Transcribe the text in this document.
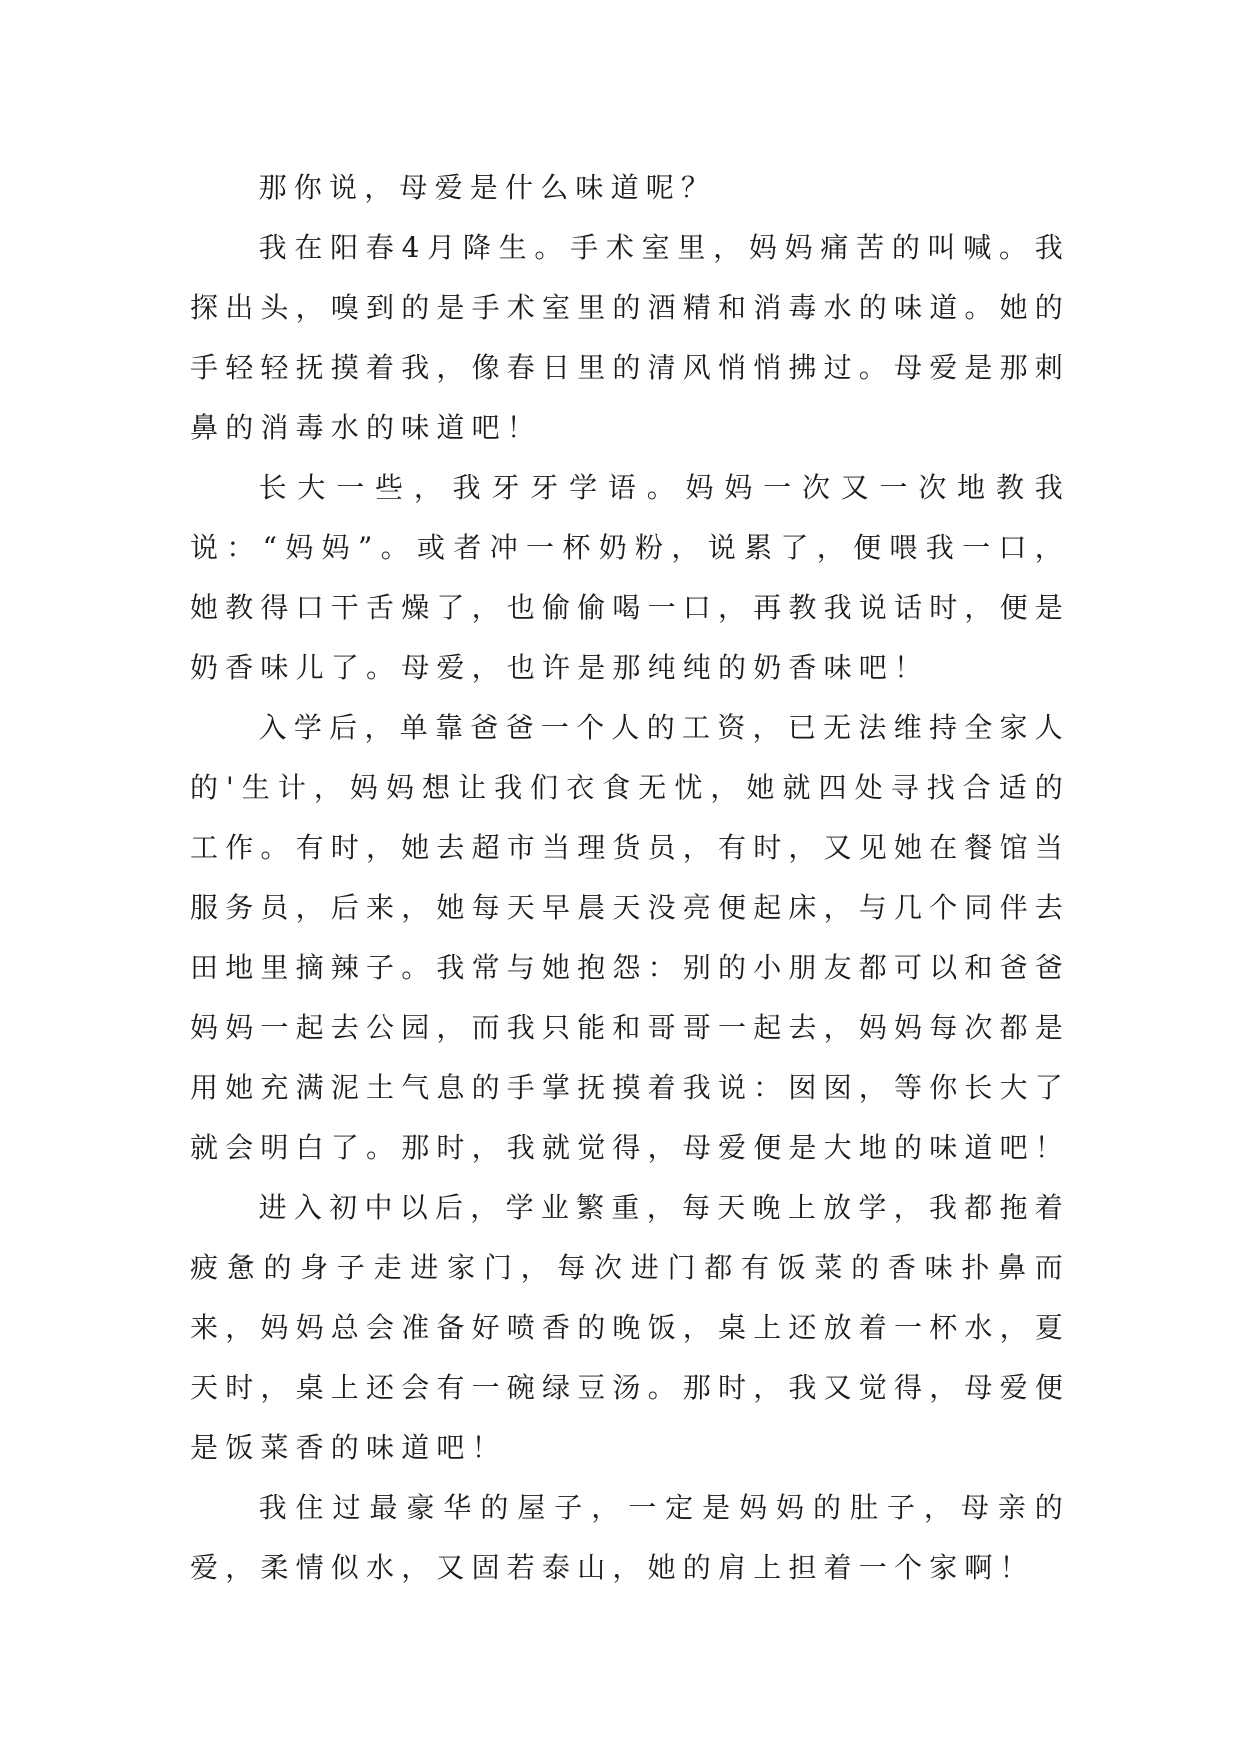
那你说，母爱是什么味道呢？

我在阳春4月降生。手术室里，妈妈痛苦的叫喊。我探出头，嗅到的是手术室里的酒精和消毒水的味道。她的手轻轻抚摸着我，像春日里的清风悄悄拂过。母爱是那刺鼻的消毒水的味道吧！

长大一些，我牙牙学语。妈妈一次又一次地教我说：“妈妈”。或者冲一杯奶粉，说累了，便喂我一口，她教得口干舌燥了，也偷偷喝一口，再教我说话时，便是奶香味儿了。母爱，也许是那纯纯的奶香味吧！

入学后，单靠爸爸一个人的工资，已无法维持全家人的'生计，妈妈想让我们衣食无忧，她就四处寻找合适的工作。有时，她去超市当理货员，有时，又见她在餐馆当服务员，后来，她每天早晨天没亮便起床，与几个同伴去田地里摘辣子。我常与她抱怨：别的小朋友都可以和爸爸妈妈一起去公园，而我只能和哥哥一起去，妈妈每次都是用她充满泥土气息的手掌抚摸着我说：囡囡，等你长大了就会明白了。那时，我就觉得，母爱便是大地的味道吧！

进入初中以后，学业繁重，每天晚上放学，我都拖着疲惫的身子走进家门，每次进门都有饭菜的香味扑鼻而来，妈妈总会准备好喷香的晚饭，桌上还放着一杯水，夏天时，桌上还会有一碗绿豆汤。那时，我又觉得，母爱便是饭菜香的味道吧！

我住过最豪华的屋子，一定是妈妈的肚子，母亲的爱，柔情似水，又固若泰山，她的肩上担着一个家啊！
